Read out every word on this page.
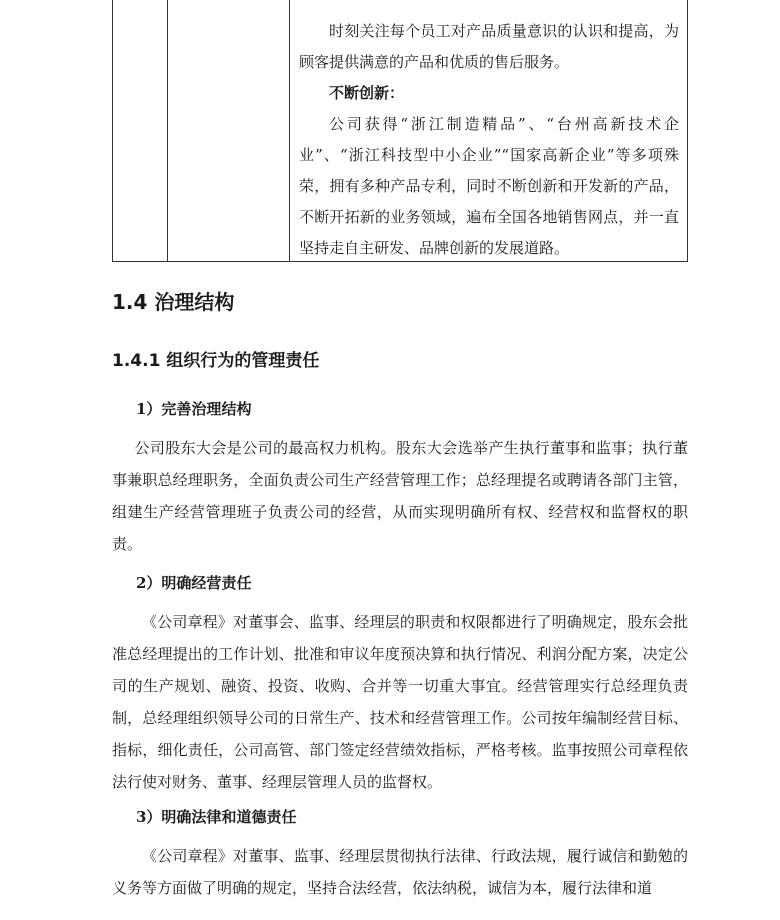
时刻关注每个员工对产品质量意识的认识和提高，为顾客提供满意的产品和优质的售后服务。

不断创新：

公司获得“浙江制造精品”、“台州高新技术企业”、“浙江科技型中小企业”“国家高新企业”等多项殊荣，拥有多种产品专利，同时不断创新和开发新的产品，不断开拓新的业务领域，遍布全国各地销售网点，并一直坚持走自主研发、品牌创新的发展道路。

1.4 治理结构
1.4.1 组织行为的管理责任
1）完善治理结构

公司股东大会是公司的最高权力机构。股东大会选举产生执行董事和监事；执行董事兼职总经理职务，全面负责公司生产经营管理工作；总经理提名或聘请各部门主管，组建生产经营管理班子负责公司的经营，从而实现明确所有权、经营权和监督权的职责。

2）明确经营责任

《公司章程》对董事会、监事、经理层的职责和权限都进行了明确规定，股东会批准总经理提出的工作计划、批准和审议年度预决算和执行情况、利润分配方案，决定公司的生产规划、融资、投资、收购、合并等一切重大事宜。经营管理实行总经理负责制，总经理组织领导公司的日常生产、技术和经营管理工作。公司按年编制经营目标、指标，细化责任，公司高管、部门签定经营绩效指标，严格考核。监事按照公司章程依法行使对财务、董事、经理层管理人员的监督权。

3）明确法律和道德责任

《公司章程》对董事、监事、经理层贯彻执行法律、行政法规，履行诚信和勤勉的义务等方面做了明确的规定，坚持合法经营，依法纳税，诚信为本，履行法律和道
